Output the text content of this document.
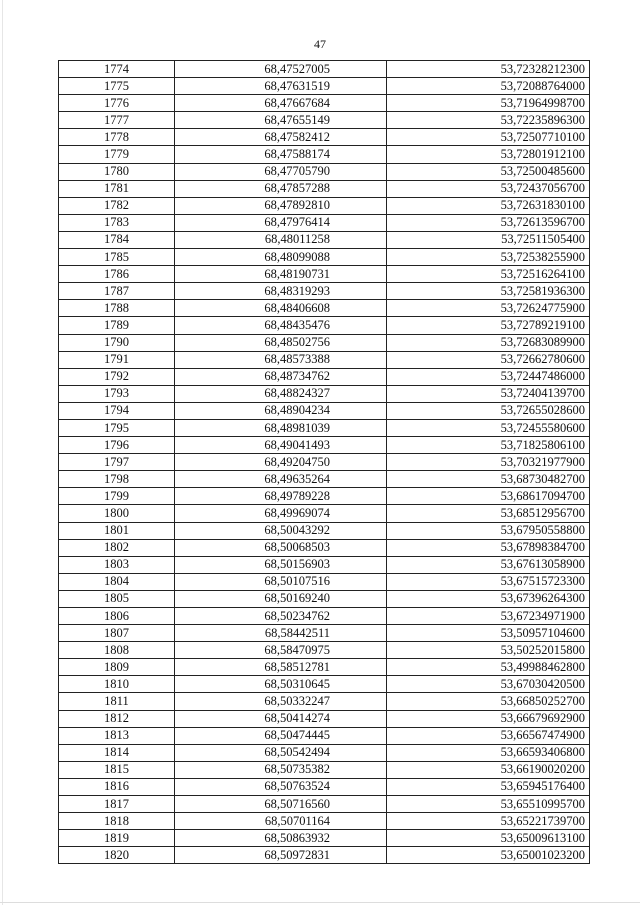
47
1774	68,47527005	53,72328212300
1775	68,47631519	53,72088764000
1776	68,47667684	53,71964998700
1777	68,47655149	53,72235896300
1778	68,47582412	53,72507710100
1779	68,47588174	53,72801912100
1780	68,47705790	53,72500485600
1781	68,47857288	53,72437056700
1782	68,47892810	53,72631830100
1783	68,47976414	53,72613596700
1784	68,48011258	53,72511505400
1785	68,48099088	53,72538255900
1786	68,48190731	53,72516264100
1787	68,48319293	53,72581936300
1788	68,48406608	53,72624775900
1789	68,48435476	53,72789219100
1790	68,48502756	53,72683089900
1791	68,48573388	53,72662780600
1792	68,48734762	53,72447486000
1793	68,48824327	53,72404139700
1794	68,48904234	53,72655028600
1795	68,48981039	53,72455580600
1796	68,49041493	53,71825806100
1797	68,49204750	53,70321977900
1798	68,49635264	53,68730482700
1799	68,49789228	53,68617094700
1800	68,49969074	53,68512956700
1801	68,50043292	53,67950558800
1802	68,50068503	53,67898384700
1803	68,50156903	53,67613058900
1804	68,50107516	53,67515723300
1805	68,50169240	53,67396264300
1806	68,50234762	53,67234971900
1807	68,58442511	53,50957104600
1808	68,58470975	53,50252015800
1809	68,58512781	53,49988462800
1810	68,50310645	53,67030420500
1811	68,50332247	53,66850252700
1812	68,50414274	53,66679692900
1813	68,50474445	53,66567474900
1814	68,50542494	53,66593406800
1815	68,50735382	53,66190020200
1816	68,50763524	53,65945176400
1817	68,50716560	53,65510995700
1818	68,50701164	53,65221739700
1819	68,50863932	53,65009613100
1820	68,50972831	53,65001023200
